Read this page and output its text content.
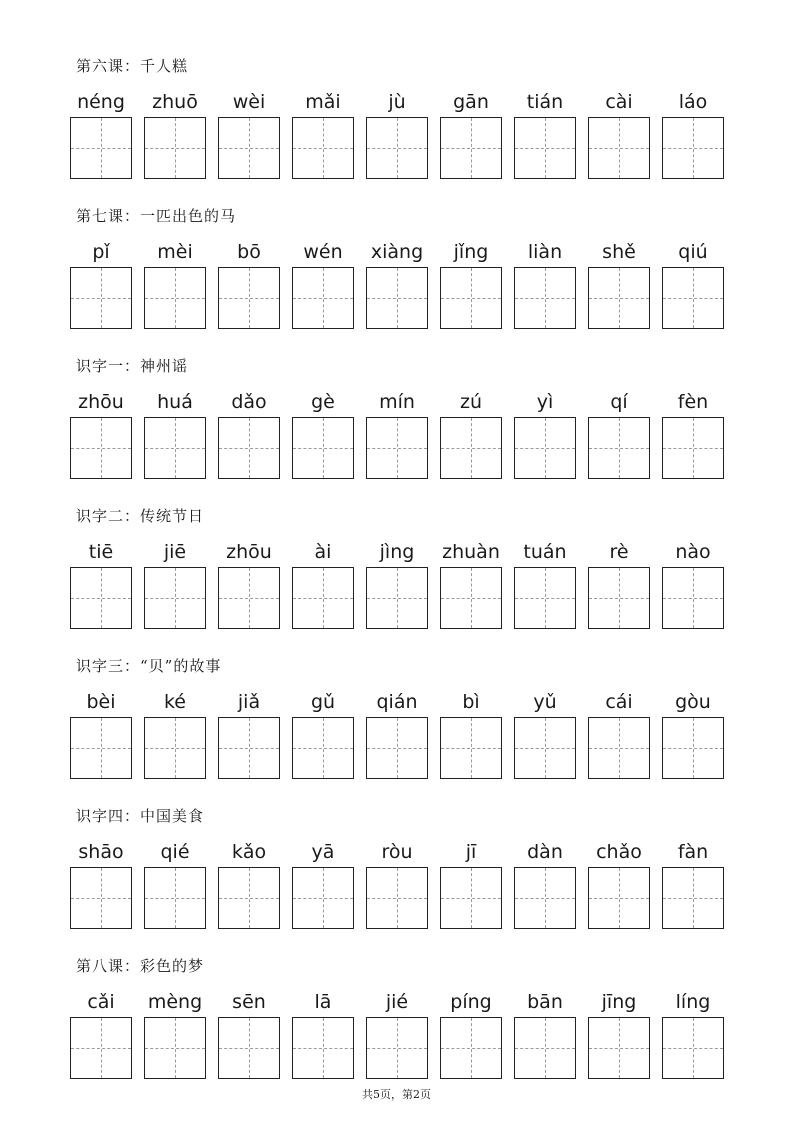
第六课：千人糕
néng	zhuō	wèi	mǎi	jù	gān	tián	cài	láo
第七课：一匹出色的马
pǐ	mèi	bō	wén	xiàng	jǐng	liàn	shě	qiú
识字一：神州谣
zhōu	huá	dǎo	gè	mín	zú	yì	qí	fèn
识字二：传统节日
tiē	jiē	zhōu	ài	jìng	zhuàn	tuán	rè	nào
识字三：“贝”的故事
bèi	ké	jiǎ	gǔ	qián	bì	yǔ	cái	gòu
识字四：中国美食
shāo	qié	kǎo	yā	ròu	jī	dàn	chǎo	fàn
第八课：彩色的梦
cǎi	mèng	sēn	lā	jié	píng	bān	jīng	líng
共5页，第2页
